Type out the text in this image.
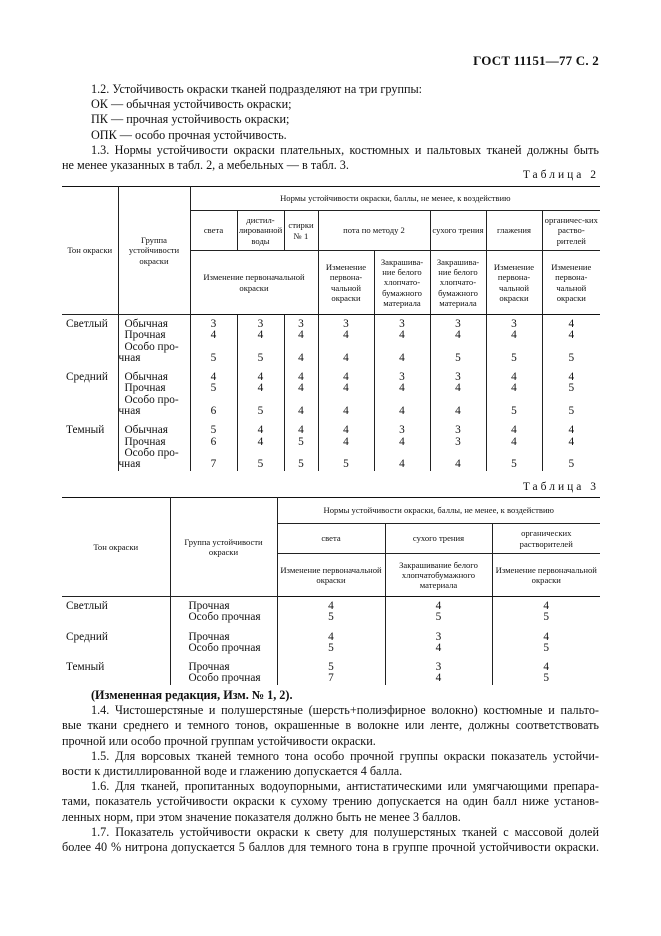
ГОСТ 11151—77 С. 2
1.2. Устойчивость окраски тканей подразделяют на три группы:
ОК — обычная устойчивость окраски;
ПК — прочная устойчивость окраски;
ОПК — особо прочная устойчивость.
1.3. Нормы устойчивости окраски плательных, костюмных и пальтовых тканей должны быть
не менее указанных в табл. 2, а мебельных — в табл. 3.
Таблица 2
Тон окраски	Группа устойчивости окраски	Нормы устойчивости окраски, баллы, не менее, к воздействию							
		света	дистил-лированной воды	стирки № 1	пота по методу 2		сухого трения	глажения	органичес-ких раство-рителей
		Изменение первоначальной окраски			Изменение первона-чальной окраски	Закрашива-ние белого хлопчато-бумажного материала	Закрашива-ние белого хлопчато-бумажного материала	Изменение первона-чальной окраски	Изменение первона-чальной окраски

Светлый	Обычная	3	3	3	3	3	3	3	4

	Прочная	4	4	4	4	4	4	4	4

	Особо про-
чная	5	5	4	4	4	5	5	5

Средний	Обычная	4	4	4	4	3	3	4	4

	Прочная	5	4	4	4	4	4	4	5

	Особо про-
чная	6	5	4	4	4	4	5	5

Темный	Обычная	5	4	4	4	3	3	4	4

	Прочная	6	4	5	4	4	3	4	4

	Особо про-
чная	7	5	5	5	4	4	5	5
Таблица 3
Тон окраски	Группа устойчивости окраски	Нормы устойчивости окраски, баллы, не менее, к воздействию		
		света	сухого трения	органических растворителей
		Изменение первоначальной окраски	Закрашивание белого хлопчатобумажного материала	Изменение первоначальной окраски

Светлый	Прочная	4	4	4
	Особо прочная	5	5	5

Средний	Прочная	4	3	4
	Особо прочная	5	4	5

Темный	Прочная	5	3	4
	Особо прочная	7	4	5
(Измененная редакция, Изм. № 1, 2).
1.4. Чистошерстяные и полушерстяные (шерсть+полиэфирное волокно) костюмные и пальто-
вые ткани среднего и темного тонов, окрашенные в волокне или ленте, должны соответствовать
прочной или особо прочной группам устойчивости окраски.
1.5. Для ворсовых тканей темного тона особо прочной группы окраски показатель устойчи-
вости к дистиллированной воде и глажению допускается 4 балла.
1.6. Для тканей, пропитанных водоупорными, антистатическими или умягчающими препара-
тами, показатель устойчивости окраски к сухому трению допускается на один балл ниже установ-
ленных норм, при этом значение показателя должно быть не менее 3 баллов.
1.7. Показатель устойчивости окраски к свету для полушерстяных тканей с массовой долей
более 40 % нитрона допускается 5 баллов для темного тона в группе прочной устойчивости окраски.
